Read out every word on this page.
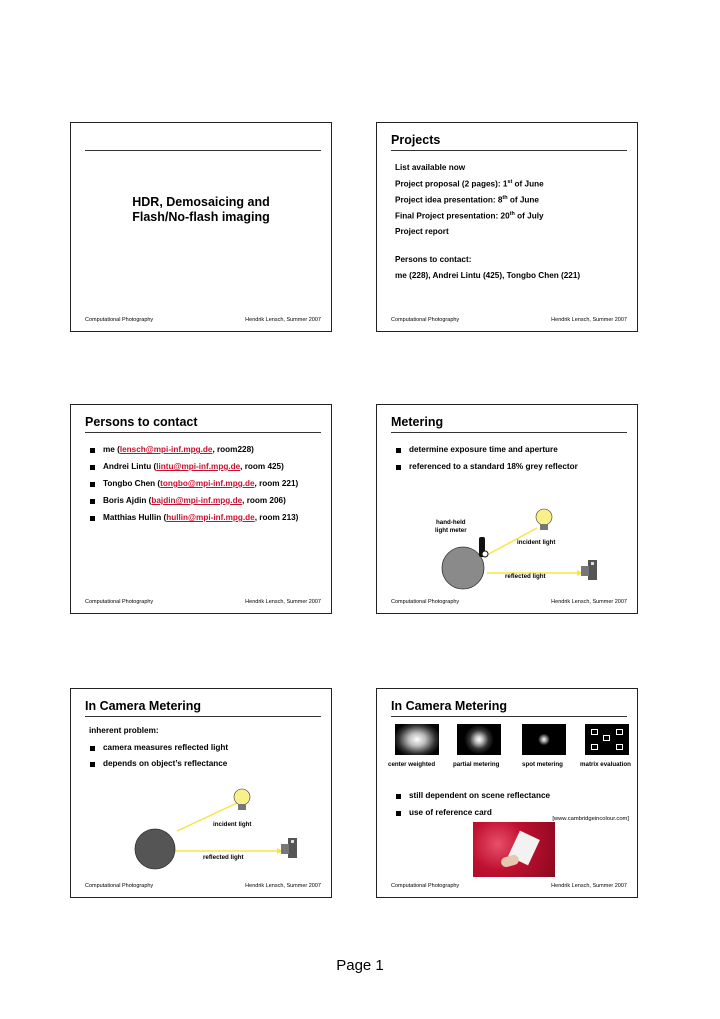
HDR, Demosaicing and
Flash/No-flash imaging
Computational Photography	Hendrik Lensch, Summer 2007
Projects
List available now
Project proposal (2 pages): 1st of June
Project idea presentation: 8th of June
Final Project presentation: 20th of July
Project report
Persons to contact:
me (228), Andrei Lintu (425), Tongbo Chen (221)
Computational Photography	Hendrik Lensch, Summer 2007
Persons to contact
me (lensch@mpi-inf.mpg.de, room228)
Andrei Lintu (lintu@mpi-inf.mpg.de, room 425)
Tongbo Chen (tongbo@mpi-inf.mpg.de, room 221)
Boris Ajdin (bajdin@mpi-inf.mpg.de, room 206)
Matthias Hullin (hullin@mpi-inf.mpg.de, room 213)
Computational Photography	Hendrik Lensch, Summer 2007
Metering
determine exposure time and aperture
referenced to a standard 18% grey reflector
hand-held
light meter
incident light
reflected light
Computational Photography	Hendrik Lensch, Summer 2007
In Camera Metering
inherent problem:
camera measures reflected light
depends on object’s reflectance
incident light
reflected light
Computational Photography	Hendrik Lensch, Summer 2007
In Camera Metering
center weighted	partial metering	spot metering	matrix evaluation
still dependent on scene reflectance
use of reference card
[www.cambridgeincolour.com]
Computational Photography	Hendrik Lensch, Summer 2007
Page 1
